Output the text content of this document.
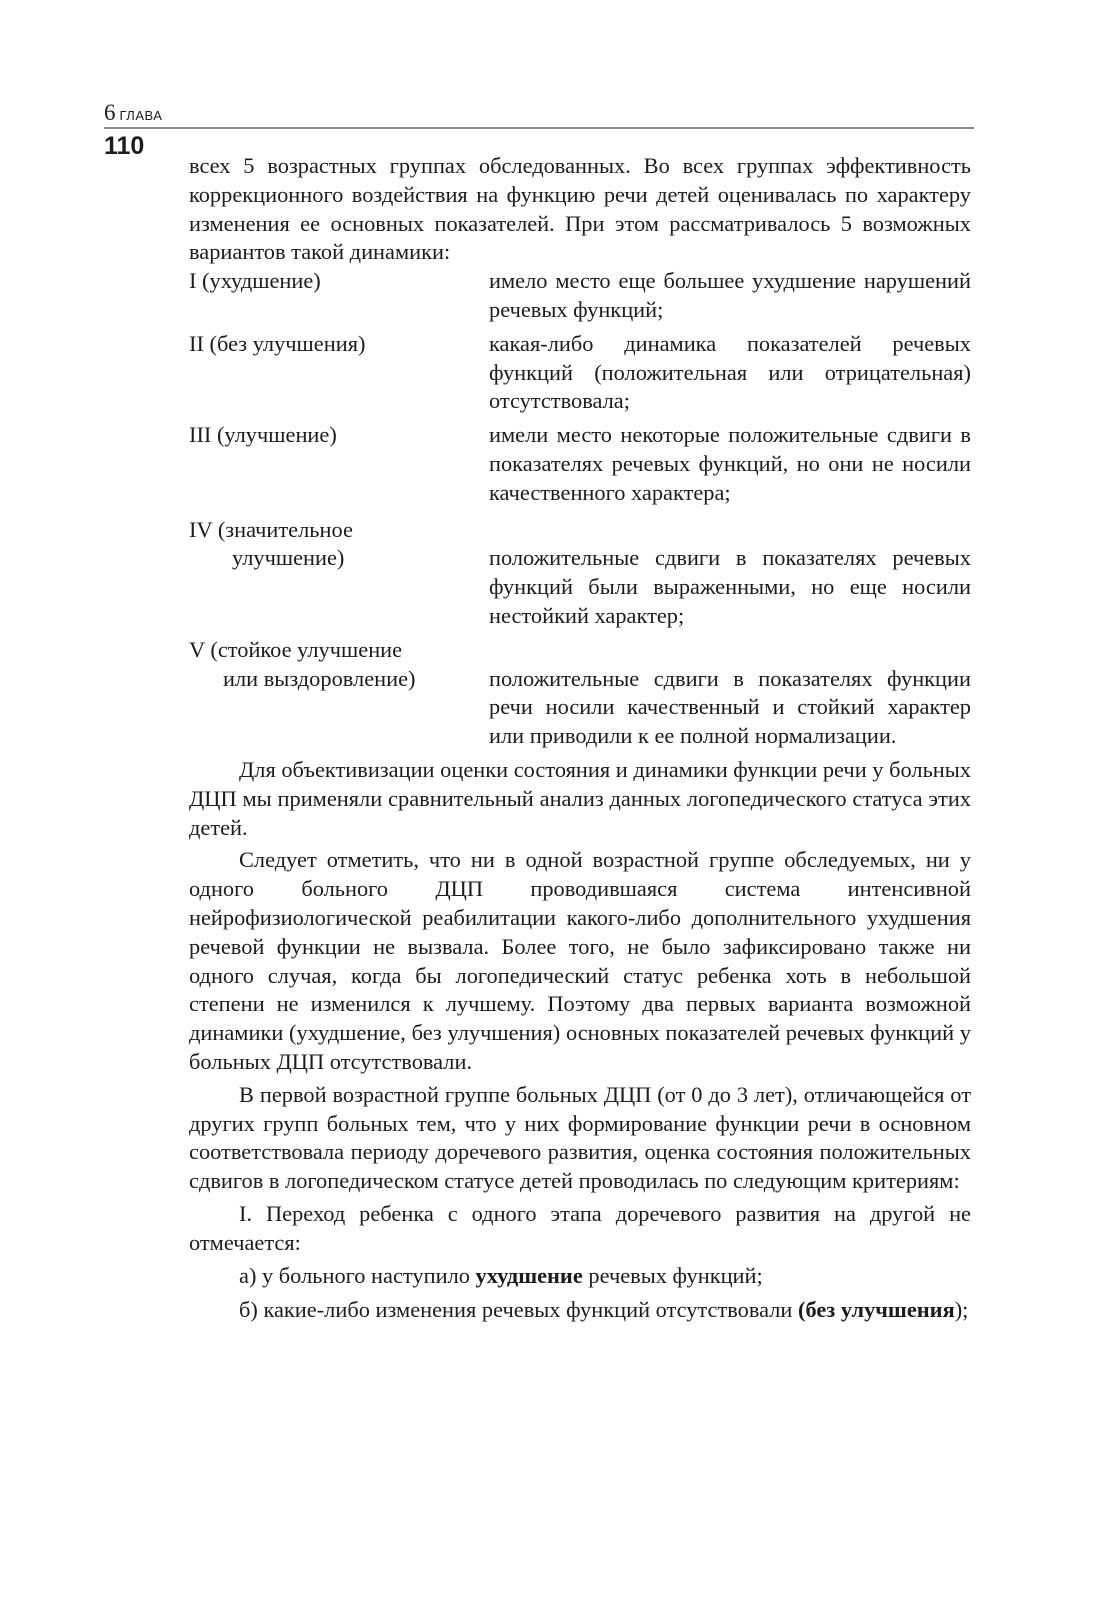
6 ГЛАВА
110

всех 5 возрастных группах обследованных. Во всех группах эффективность коррекционного воздействия на функцию речи детей оценивалась по характеру изменения ее основных показателей. При этом рассматривалось 5 возможных вариантов такой динамики:

I (ухудшение)	имело место еще большее ухудшение нарушений речевых функций;
II (без улучшения)	какая-либо динамика показателей речевых функций (положительная или отрицательная) отсутствовала;
III (улучшение)	имели место некоторые положительные сдвиги в показателях речевых функций, но они не носили качественного характера;
IV (значительное
улучшение)	положительные сдвиги в показателях речевых функций были выраженными, но еще носили нестойкий характер;
V (стойкое улучшение
или выздоровление)	положительные сдвиги в показателях функции речи носили качественный и стойкий характер или приводили к ее полной нормализации.

Для объективизации оценки состояния и динамики функции речи у больных ДЦП мы применяли сравнительный анализ данных логопедического статуса этих детей.

Следует отметить, что ни в одной возрастной группе обследуемых, ни у одного больного ДЦП проводившаяся система интенсивной нейрофизиологической реабилитации какого-либо дополнительного ухудшения речевой функции не вызвала. Более того, не было зафиксировано также ни одного случая, когда бы логопедический статус ребенка хоть в небольшой степени не изменился к лучшему. Поэтому два первых варианта возможной динамики (ухудшение, без улучшения) основных показателей речевых функций у больных ДЦП отсутствовали.

В первой возрастной группе больных ДЦП (от 0 до 3 лет), отличающейся от других групп больных тем, что у них формирование функции речи в основном соответствовала периоду доречевого развития, оценка состояния положительных сдвигов в логопедическом статусе детей проводилась по следующим критериям:

I. Переход ребенка с одного этапа доречевого развития на другой не отмечается:

а) у больного наступило ухудшение речевых функций;

б) какие-либо изменения речевых функций отсутствовали (без улучшения);
